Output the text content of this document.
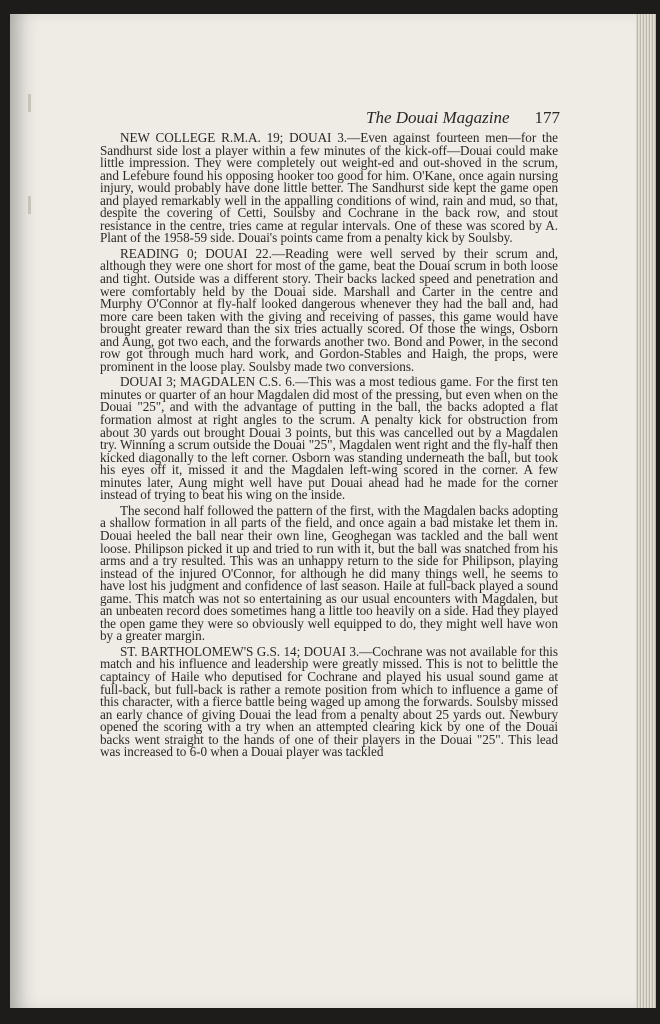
The Douai Magazine 177

NEW COLLEGE R.M.A. 19; DOUAI 3.—Even against fourteen men—for the Sandhurst side lost a player within a few minutes of the kick-off—Douai could make little impression. They were completely out weight-ed and out-shoved in the scrum, and Lefebure found his opposing hooker too good for him. O'Kane, once again nursing injury, would probably have done little better. The Sandhurst side kept the game open and played remarkably well in the appalling conditions of wind, rain and mud, so that, despite the covering of Cetti, Soulsby and Cochrane in the back row, and stout resistance in the centre, tries came at regular intervals. One of these was scored by A. Plant of the 1958-59 side. Douai's points came from a penalty kick by Soulsby.

READING 0; DOUAI 22.—Reading were well served by their scrum and, although they were one short for most of the game, beat the Douai scrum in both loose and tight. Outside was a different story. Their backs lacked speed and penetration and were comfortably held by the Douai side. Marshall and Carter in the centre and Murphy O'Connor at fly-half looked dangerous whenever they had the ball and, had more care been taken with the giving and receiving of passes, this game would have brought greater reward than the six tries actually scored. Of those the wings, Osborn and Aung, got two each, and the forwards another two. Bond and Power, in the second row got through much hard work, and Gordon-Stables and Haigh, the props, were prominent in the loose play. Soulsby made two conversions.

DOUAI 3; MAGDALEN C.S. 6.—This was a most tedious game. For the first ten minutes or quarter of an hour Magdalen did most of the pressing, but even when on the Douai "25", and with the advantage of putting in the ball, the backs adopted a flat formation almost at right angles to the scrum. A penalty kick for obstruction from about 30 yards out brought Douai 3 points, but this was cancelled out by a Magdalen try. Winning a scrum outside the Douai "25", Magdalen went right and the fly-half then kicked diagonally to the left corner. Osborn was standing underneath the ball, but took his eyes off it, missed it and the Magdalen left-wing scored in the corner. A few minutes later, Aung might well have put Douai ahead had he made for the corner instead of trying to beat his wing on the inside.

The second half followed the pattern of the first, with the Magdalen backs adopting a shallow formation in all parts of the field, and once again a bad mistake let them in. Douai heeled the ball near their own line, Geoghegan was tackled and the ball went loose. Philipson picked it up and tried to run with it, but the ball was snatched from his arms and a try resulted. This was an unhappy return to the side for Philipson, playing instead of the injured O'Connor, for although he did many things well, he seems to have lost his judgment and confidence of last season. Haile at full-back played a sound game. This match was not so entertaining as our usual encounters with Magdalen, but an unbeaten record does sometimes hang a little too heavily on a side. Had they played the open game they were so obviously well equipped to do, they might well have won by a greater margin.

ST. BARTHOLOMEW'S G.S. 14; DOUAI 3.—Cochrane was not available for this match and his influence and leadership were greatly missed. This is not to belittle the captaincy of Haile who deputised for Cochrane and played his usual sound game at full-back, but full-back is rather a remote position from which to influence a game of this character, with a fierce battle being waged up among the forwards. Soulsby missed an early chance of giving Douai the lead from a penalty about 25 yards out. Newbury opened the scoring with a try when an attempted clearing kick by one of the Douai backs went straight to the hands of one of their players in the Douai "25". This lead was increased to 6-0 when a Douai player was tackled
